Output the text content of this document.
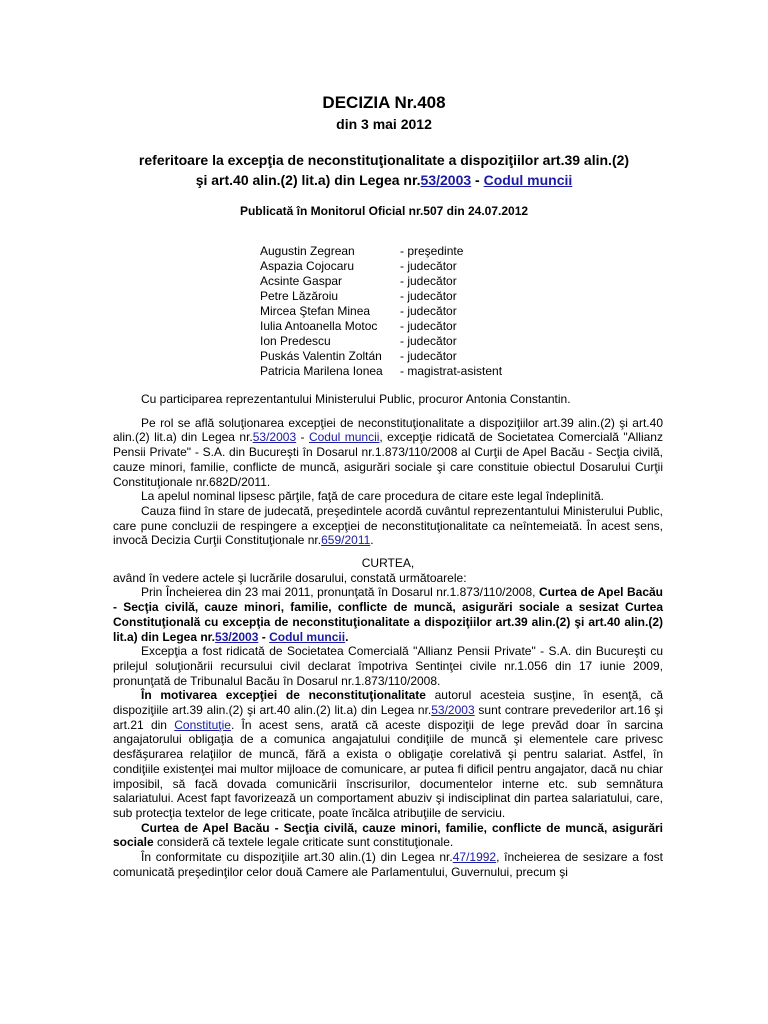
DECIZIA Nr.408
din 3 mai 2012
referitoare la excepţia de neconstituţionalitate a dispoziţiilor art.39 alin.(2)
şi art.40 alin.(2) lit.a) din Legea nr.53/2003 - Codul muncii
Publicată în Monitorul Oficial nr.507 din 24.07.2012
Augustin Zegrean	- preşedinte
Aspazia Cojocaru	- judecător
Acsinte Gaspar	- judecător
Petre Lăzăroiu	- judecător
Mircea Ştefan Minea	- judecător
Iulia Antoanella Motoc	- judecător
Ion Predescu	- judecător
Puskás Valentin Zoltán	- judecător
Patricia Marilena Ionea	- magistrat-asistent

Cu participarea reprezentantului Ministerului Public, procuror Antonia Constantin.

Pe rol se află soluţionarea excepţiei de neconstituţionalitate a dispoziţiilor art.39 alin.(2) şi art.40 alin.(2) lit.a) din Legea nr.53/2003 - Codul muncii, excepţie ridicată de Societatea Comercială "Allianz Pensii Private" - S.A. din Bucureşti în Dosarul nr.1.873/110/2008 al Curţii de Apel Bacău - Secţia civilă, cauze minori, familie, conflicte de muncă, asigurări sociale şi care constituie obiectul Dosarului Curţii Constituţionale nr.682D/2011.

La apelul nominal lipsesc părţile, faţă de care procedura de citare este legal îndeplinită.

Cauza fiind în stare de judecată, preşedintele acordă cuvântul reprezentantului Ministerului Public, care pune concluzii de respingere a excepţiei de neconstituţionalitate ca neîntemeiată. În acest sens, invocă Decizia Curţii Constituţionale nr.659/2011.

CURTEA,

având în vedere actele şi lucrările dosarului, constată următoarele:

Prin Încheierea din 23 mai 2011, pronunţată în Dosarul nr.1.873/110/2008, Curtea de Apel Bacău - Secţia civilă, cauze minori, familie, conflicte de muncă, asigurări sociale a sesizat Curtea Constituţională cu excepţia de neconstituţionalitate a dispoziţiilor art.39 alin.(2) şi art.40 alin.(2) lit.a) din Legea nr.53/2003 - Codul muncii.

Excepţia a fost ridicată de Societatea Comercială "Allianz Pensii Private" - S.A. din Bucureşti cu prilejul soluţionării recursului civil declarat împotriva Sentinţei civile nr.1.056 din 17 iunie 2009, pronunţată de Tribunalul Bacău în Dosarul nr.1.873/110/2008.

În motivarea excepţiei de neconstituţionalitate autorul acesteia susţine, în esenţă, că dispoziţiile art.39 alin.(2) şi art.40 alin.(2) lit.a) din Legea nr.53/2003 sunt contrare prevederilor art.16 şi art.21 din Constituţie. În acest sens, arată că aceste dispoziţii de lege prevăd doar în sarcina angajatorului obligaţia de a comunica angajatului condiţiile de muncă şi elementele care privesc desfăşurarea relaţiilor de muncă, fără a exista o obligaţie corelativă şi pentru salariat. Astfel, în condiţiile existenţei mai multor mijloace de comunicare, ar putea fi dificil pentru angajator, dacă nu chiar imposibil, să facă dovada comunicării înscrisurilor, documentelor interne etc. sub semnătura salariatului. Acest fapt favorizează un comportament abuziv şi indisciplinat din partea salariatului, care, sub protecţia textelor de lege criticate, poate încălca atribuţiile de serviciu.

Curtea de Apel Bacău - Secţia civilă, cauze minori, familie, conflicte de muncă, asigurări sociale consideră că textele legale criticate sunt constituţionale.

În conformitate cu dispoziţiile art.30 alin.(1) din Legea nr.47/1992, încheierea de sesizare a fost comunicată preşedinţilor celor două Camere ale Parlamentului, Guvernului, precum şi
